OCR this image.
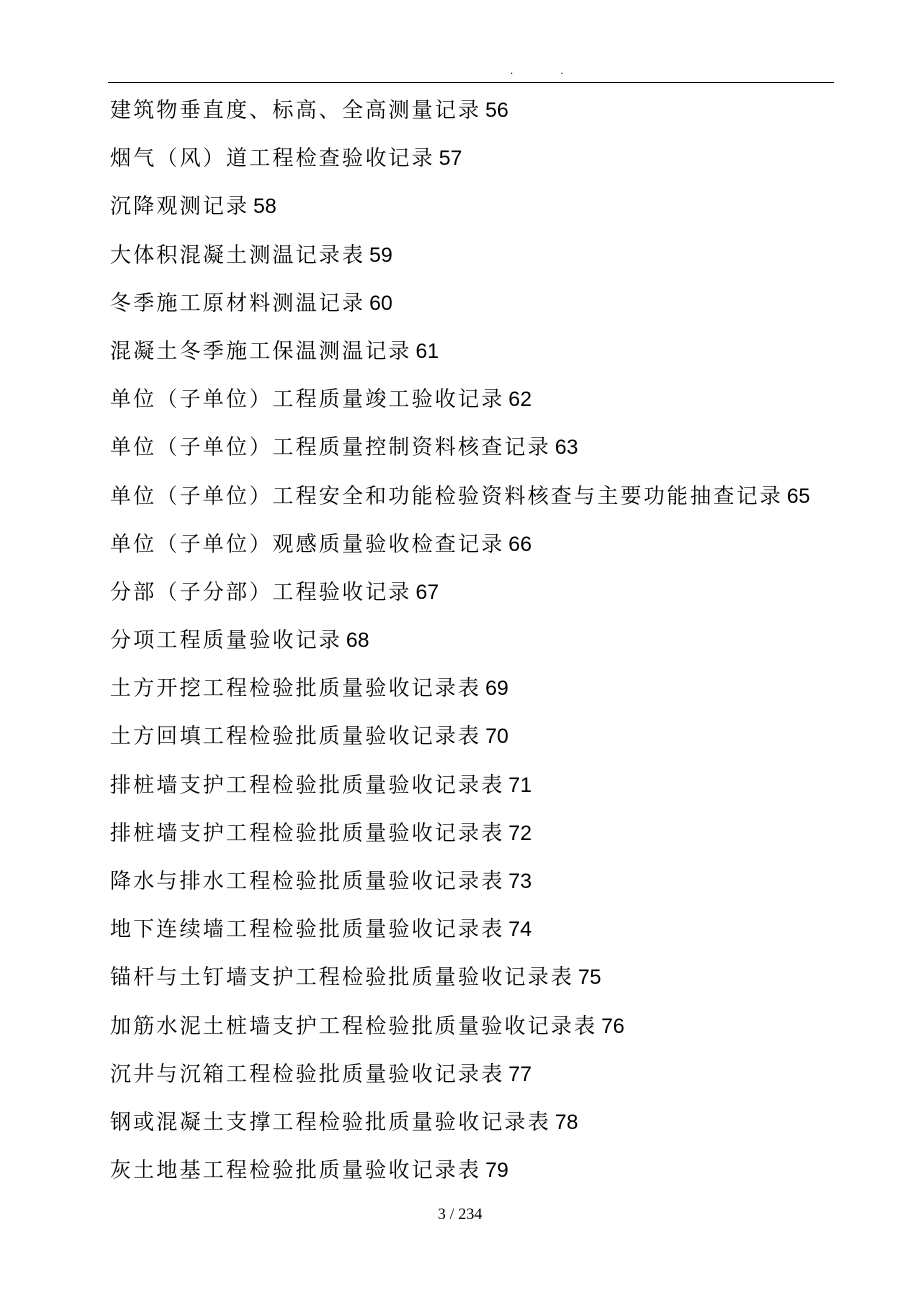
. .
建筑物垂直度、标高、全高测量记录 56
烟气（风）道工程检查验收记录 57
沉降观测记录 58
大体积混凝土测温记录表 59
冬季施工原材料测温记录 60
混凝土冬季施工保温测温记录 61
单位（子单位）工程质量竣工验收记录 62
单位（子单位）工程质量控制资料核查记录 63
单位（子单位）工程安全和功能检验资料核查与主要功能抽查记录 65
单位（子单位）观感质量验收检查记录 66
分部（子分部）工程验收记录 67
分项工程质量验收记录 68
土方开挖工程检验批质量验收记录表 69
土方回填工程检验批质量验收记录表 70
排桩墙支护工程检验批质量验收记录表 71
排桩墙支护工程检验批质量验收记录表 72
降水与排水工程检验批质量验收记录表 73
地下连续墙工程检验批质量验收记录表 74
锚杆与土钉墙支护工程检验批质量验收记录表 75
加筋水泥土桩墙支护工程检验批质量验收记录表 76
沉井与沉箱工程检验批质量验收记录表 77
钢或混凝土支撑工程检验批质量验收记录表 78
灰土地基工程检验批质量验收记录表 79
3 / 234
